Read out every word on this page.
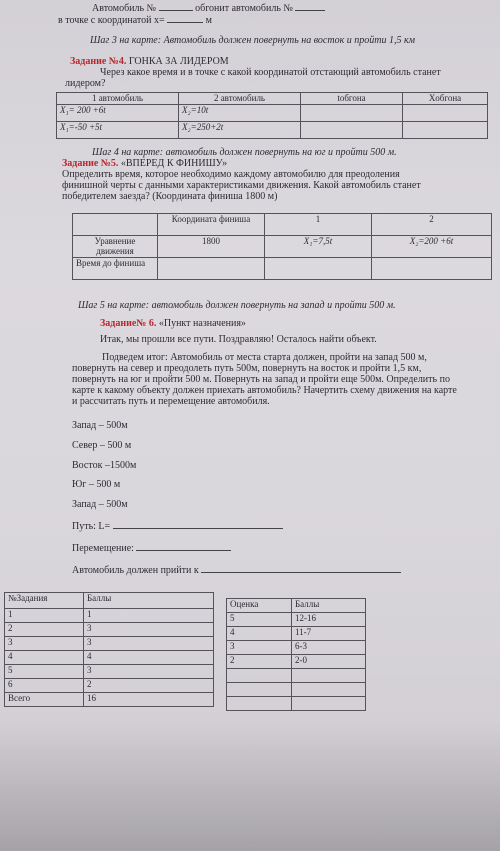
Автомобиль №	обгонит автомобиль №
в точке с координатой x=	м
Шаг 3 на карте: Автомобиль должен повернуть на восток и пройти 1,5 км
Задание №4. ГОНКА ЗА ЛИДЕРОМ
Через какое время и в точке с какой координатой отстающий автомобиль станет
лидером?
1 автомобиль	2 автомобиль	tобгона	Xобгона
X₁= 200 +6t	X₂=10t		
X₁=-50 +5t	X₂=250+2t		
Шаг 4 на карте: автомобиль должен повернуть на юг и пройти 500 м.
Задание №5. «ВПЕРЕД К ФИНИШУ»
Определить время, которое необходимо каждому автомобилю для преодоления
финишной черты с данными характеристиками движения. Какой автомобиль станет
победителем заезда? (Координата финиша 1800 м)
	Координата финиша	1	2
Уравнение движения	1800	X₁=7,5t	X₂=200 +6t
Время до финиша			
Шаг 5 на карте: автомобиль должен повернуть на запад и пройти 500 м.
Задание№ 6. «Пункт назначения»
Итак, мы прошли все пути. Поздравляю! Осталось найти объект.
Подведем итог: Автомобиль от места старта должен, пройти на запад 500 м,
повернуть на север и преодолеть путь 500м, повернуть на восток и пройти 1,5 км,
повернуть на юг и пройти 500 м. Повернуть на запад и пройти еще 500м. Определить по
карте к какому объекту должен приехать автомобиль? Начертить схему движения на карте
и рассчитать путь и перемещение автомобиля.
Запад – 500м
Север – 500 м
Восток –1500м
Юг – 500 м
Запад – 500м
Путь: L=
Перемещение:
Автомобиль должен прийти к
№Задания	Баллы
1	1
2	3
3	3
4	4
5	3
6	2
Всего	16
Оценка	Баллы
5	12-16
4	11-7
3	6-3
2	2-0
